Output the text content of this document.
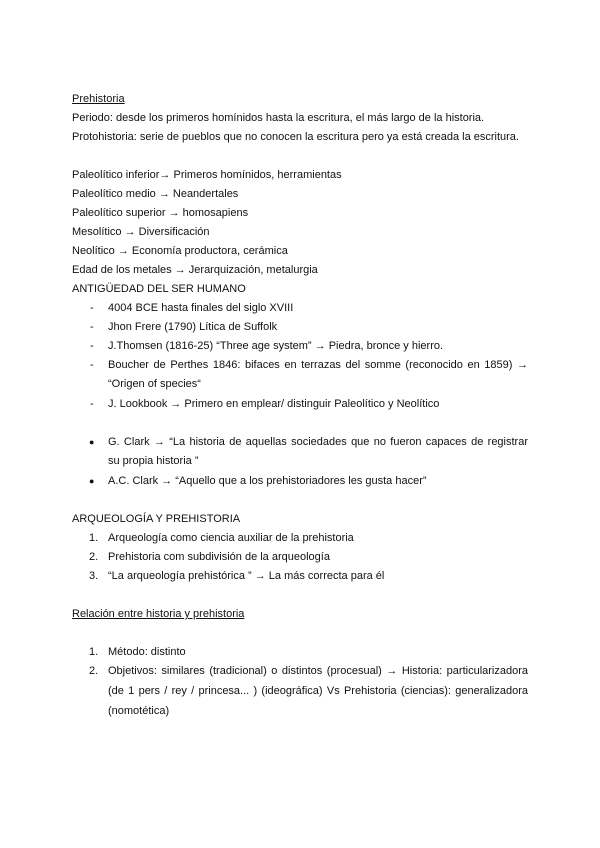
Prehistoria
Periodo: desde los primeros homínidos hasta la escritura, el más largo de la historia.
Protohistoria: serie de pueblos que no conocen la escritura pero ya está creada la escritura.
Paleolítico inferior→ Primeros homínidos, herramientas
Paleolítico medio → Neandertales
Paleolítico superior → homosapiens
Mesolítico → Diversificación
Neolítico → Economía productora, cerámica
Edad de los metales → Jerarquización, metalurgia
ANTIGÜEDAD DEL SER HUMANO
- 4004 BCE hasta finales del siglo XVIII
- Jhon Frere (1790) Lítica de Suffolk
- J.Thomsen (1816-25) “Three age system” → Piedra, bronce y hierro.
- Boucher de Perthes 1846: bifaces en terrazas del somme (reconocido en 1859) →
“Origen of species“
- J. Lookbook → Primero en emplear/ distinguir Paleolítico y Neolítico
● G. Clark → “La historia de aquellas sociedades que no fueron capaces de registrar
su propia historia ”
● A.C. Clark → “Aquello que a los prehistoriadores les gusta hacer”
ARQUEOLOGÍA Y PREHISTORIA
1. Arqueología como ciencia auxiliar de la prehistoria
2. Prehistoria com subdivisión de la arqueología
3. “La arqueología prehistórica ” → La más correcta para él
Relación entre historia y prehistoria
1. Método: distinto
2. Objetivos: similares (tradicional) o distintos (procesual) → Historia: particularizadora
(de 1 pers / rey / princesa... ) (ideográfica) Vs Prehistoria (ciencias): generalizadora
(nomotética)
